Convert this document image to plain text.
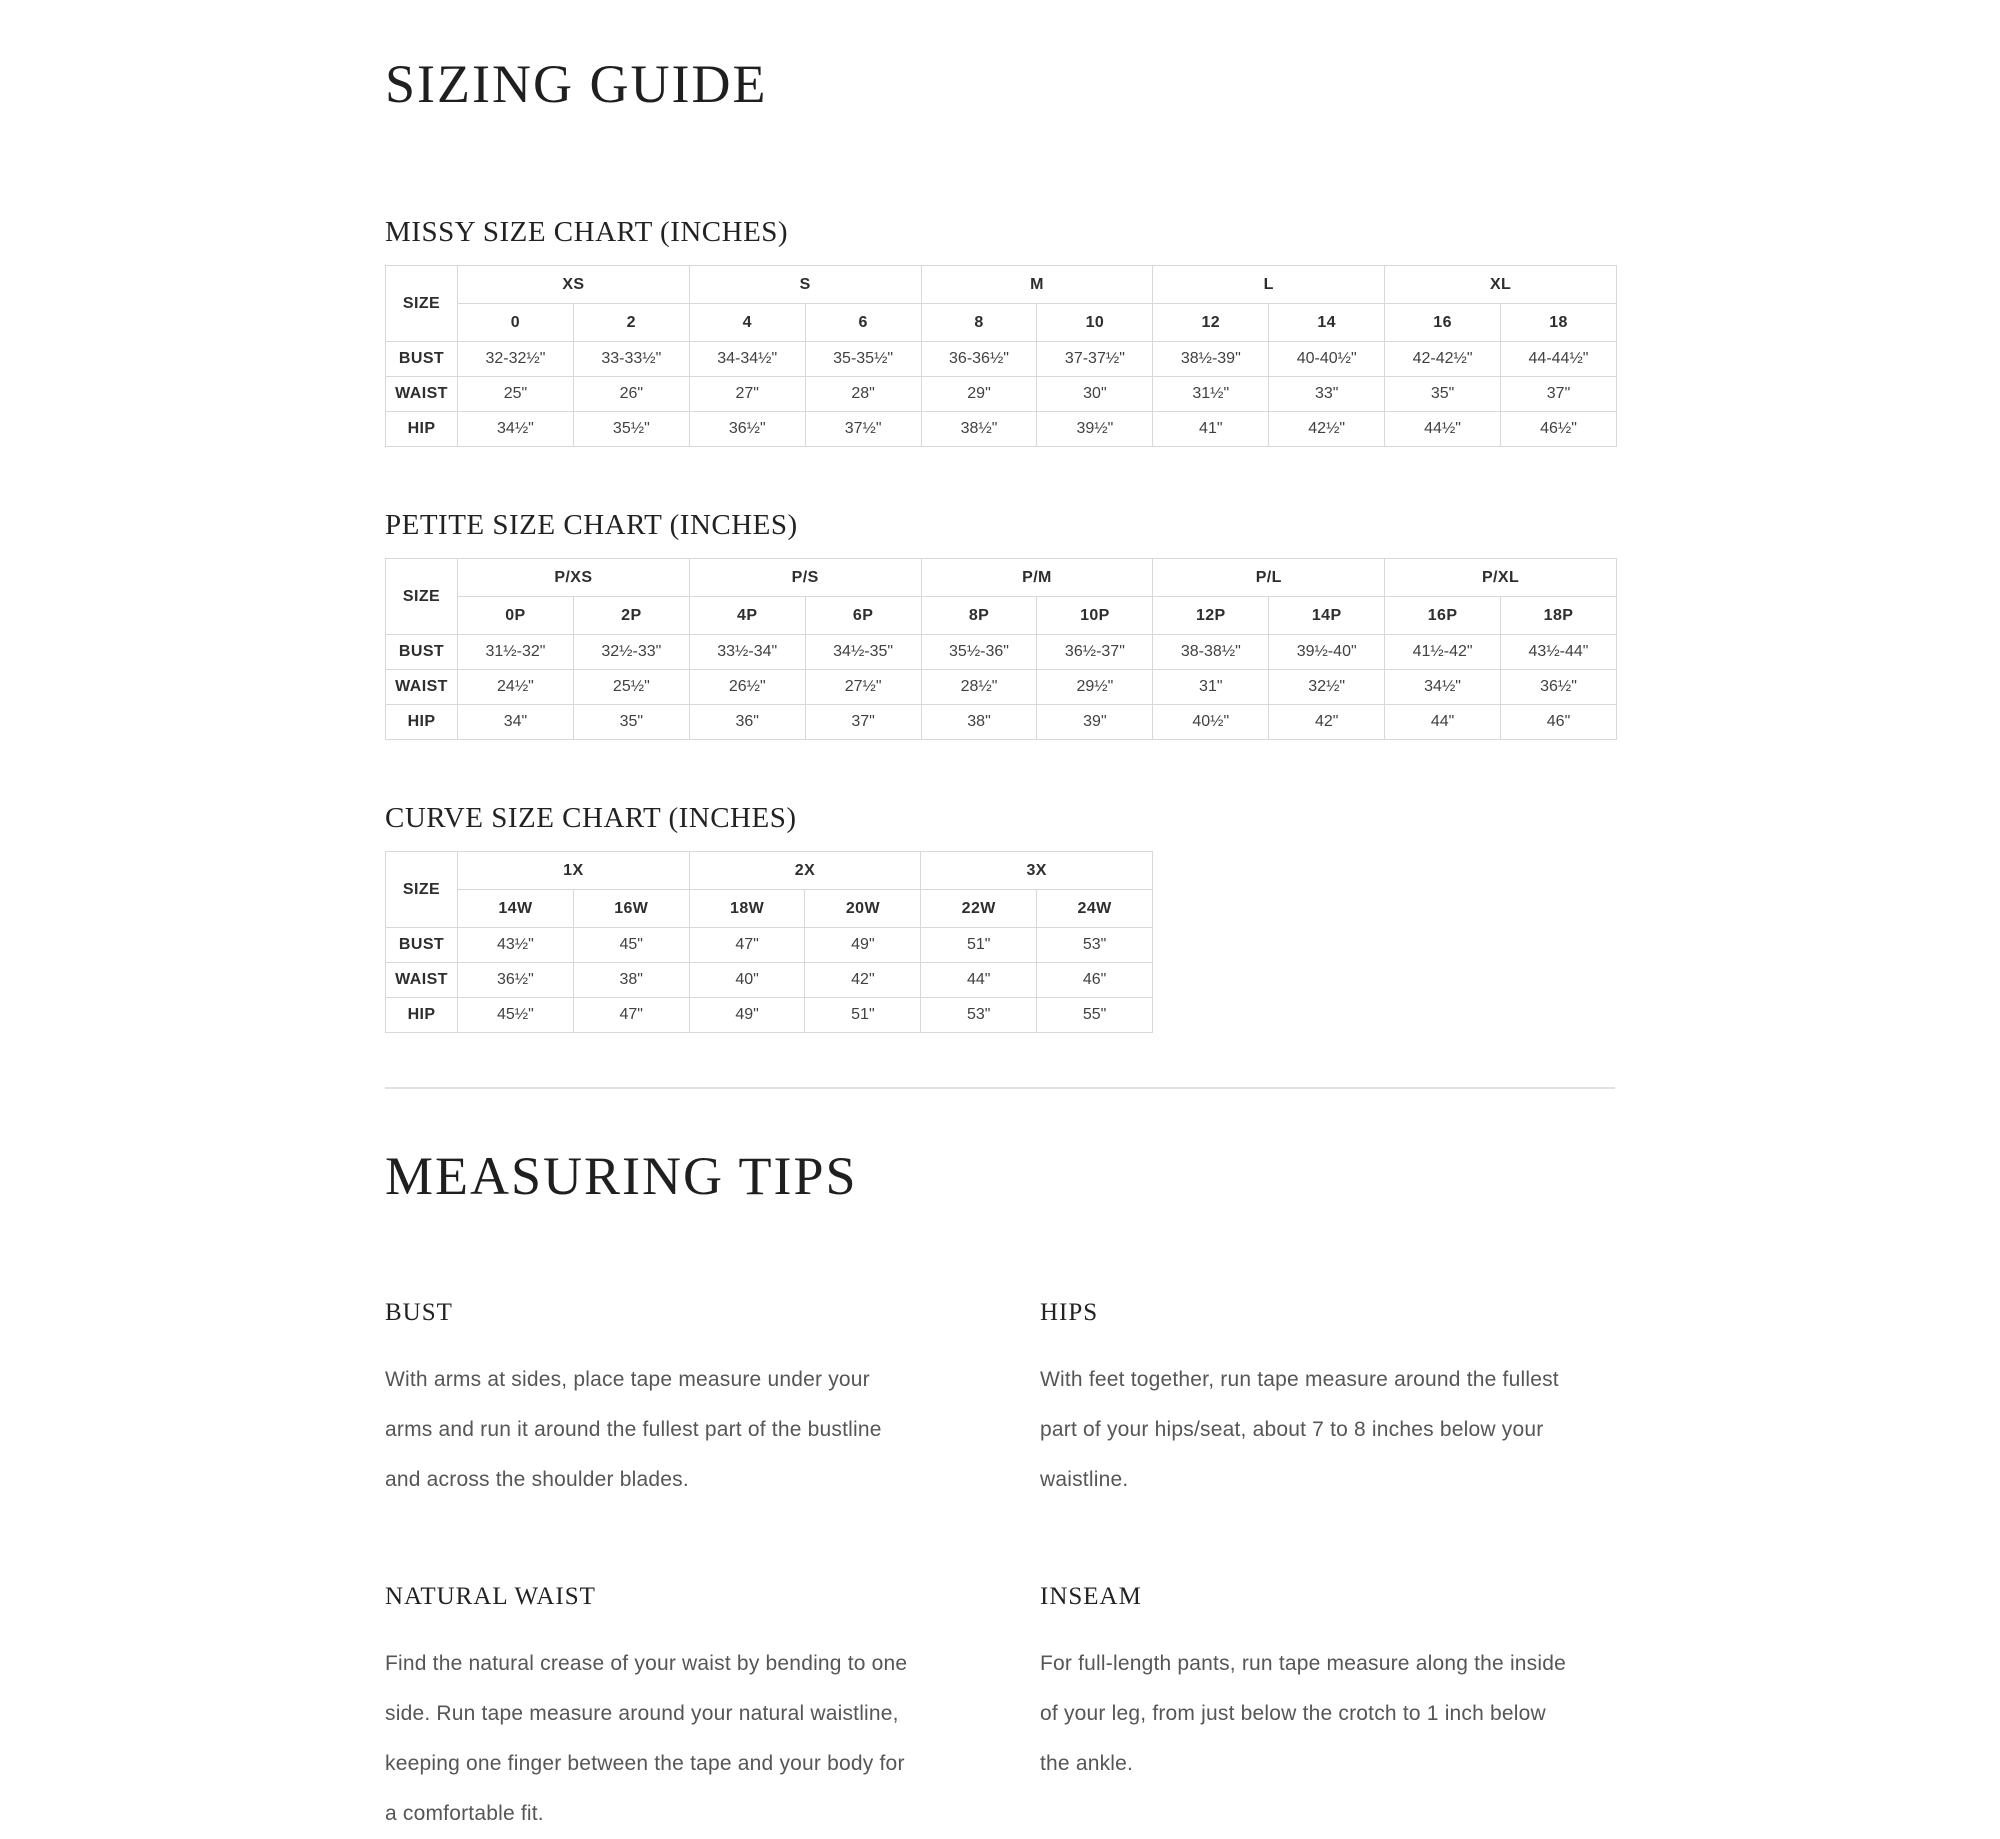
SIZING GUIDE
MISSY SIZE CHART (INCHES)
SIZE	XS		S		M		L		XL	
	0	2	4	6	8	10	12	14	16	18
BUST	32-32½"	33-33½"	34-34½"	35-35½"	36-36½"	37-37½"	38½-39"	40-40½"	42-42½"	44-44½"
WAIST	25"	26"	27"	28"	29"	30"	31½"	33"	35"	37"
HIP	34½"	35½"	36½"	37½"	38½"	39½"	41"	42½"	44½"	46½"
PETITE SIZE CHART (INCHES)
SIZE	P/XS		P/S		P/M		P/L		P/XL	
	0P	2P	4P	6P	8P	10P	12P	14P	16P	18P
BUST	31½-32"	32½-33"	33½-34"	34½-35"	35½-36"	36½-37"	38-38½"	39½-40"	41½-42"	43½-44"
WAIST	24½"	25½"	26½"	27½"	28½"	29½"	31"	32½"	34½"	36½"
HIP	34"	35"	36"	37"	38"	39"	40½"	42"	44"	46"
CURVE SIZE CHART (INCHES)
SIZE	1X		2X		3X	
	14W	16W	18W	20W	22W	24W
BUST	43½"	45"	47"	49"	51"	53"
WAIST	36½"	38"	40"	42"	44"	46"
HIP	45½"	47"	49"	51"	53"	55"
MEASURING TIPS
BUST

With arms at sides, place tape measure under your arms and run it around the fullest part of the bustline and across the shoulder blades.

HIPS

With feet together, run tape measure around the fullest part of your hips/seat, about 7 to 8 inches below your waistline.

NATURAL WAIST

Find the natural crease of your waist by bending to one side. Run tape measure around your natural waistline, keeping one finger between the tape and your body for a comfortable fit.

INSEAM

For full-length pants, run tape measure along the inside of your leg, from just below the crotch to 1 inch below the ankle.
